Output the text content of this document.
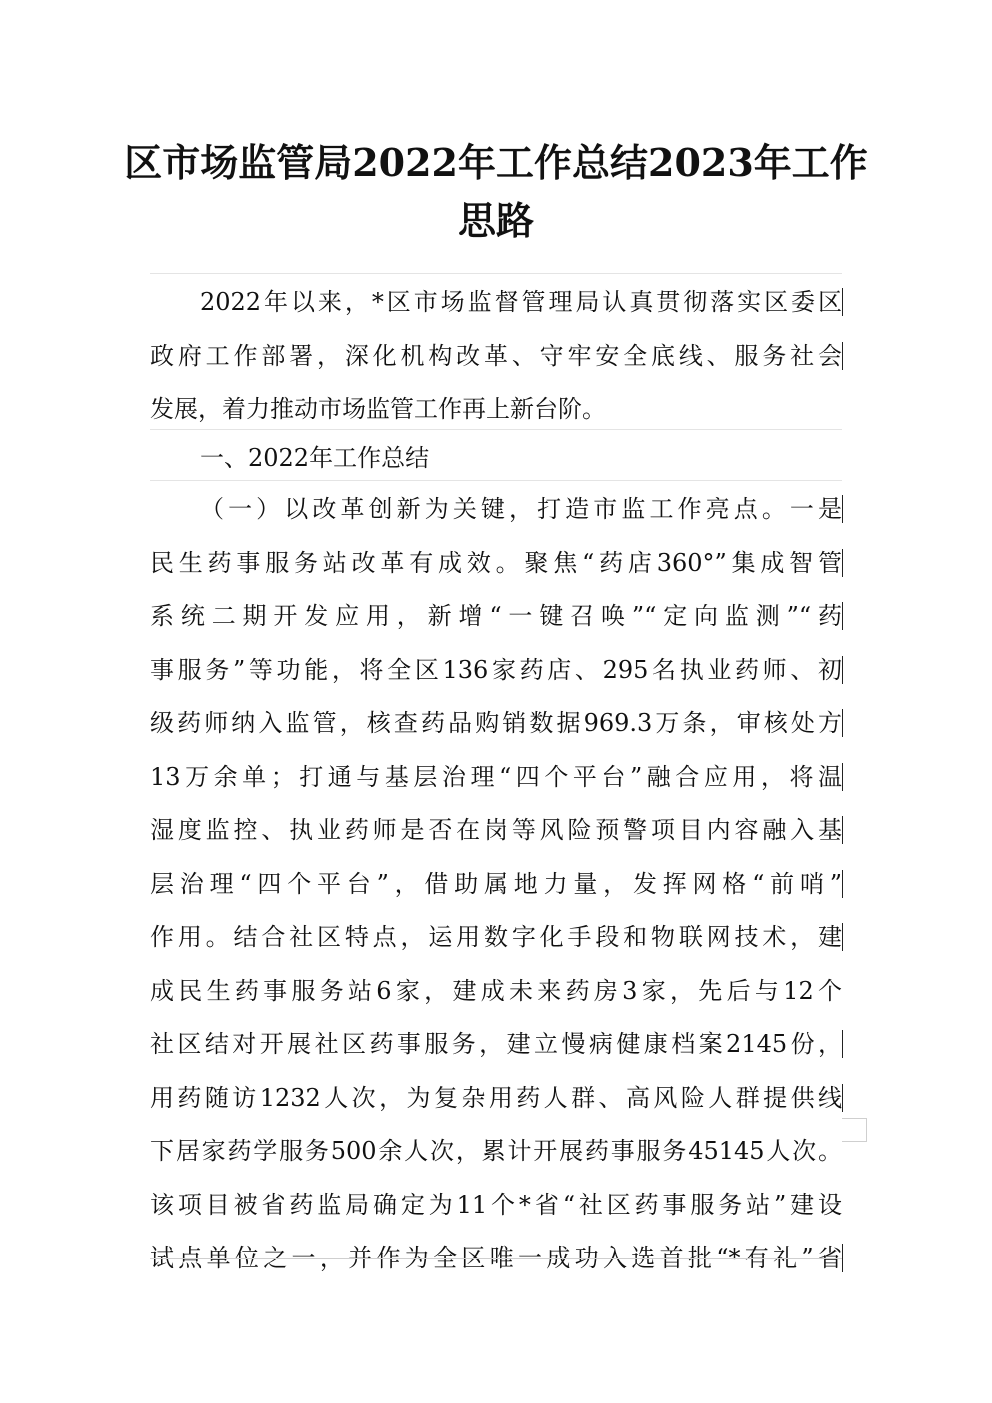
区市场监管局2022年工作总结2023年工作
思路
2022年以来，*区市场监督管理局认真贯彻落实区委区
政府工作部署，深化机构改革、守牢安全底线、服务社会
发展，着力推动市场监管工作再上新台阶。
一、2022年工作总结
（一）以改革创新为关键，打造市监工作亮点。一是
民生药事服务站改革有成效。聚焦“药店360°”集成智管
系统二期开发应用，新增“一键召唤”“定向监测”“药
事服务”等功能，将全区136家药店、295名执业药师、初
级药师纳入监管，核查药品购销数据969.3万条，审核处方
13万余单；打通与基层治理“四个平台”融合应用，将温
湿度监控、执业药师是否在岗等风险预警项目内容融入基
层治理“四个平台”，借助属地力量，发挥网格“前哨”
作用。结合社区特点，运用数字化手段和物联网技术，建
成民生药事服务站6家，建成未来药房3家，先后与12个
社区结对开展社区药事服务，建立慢病健康档案2145份，
用药随访1232人次，为复杂用药人群、高风险人群提供线
下居家药学服务500余人次，累计开展药事服务45145人次。
该项目被省药监局确定为11个*省“社区药事服务站”建设
试点单位之一，并作为全区唯一成功入选首批“*有礼”省
